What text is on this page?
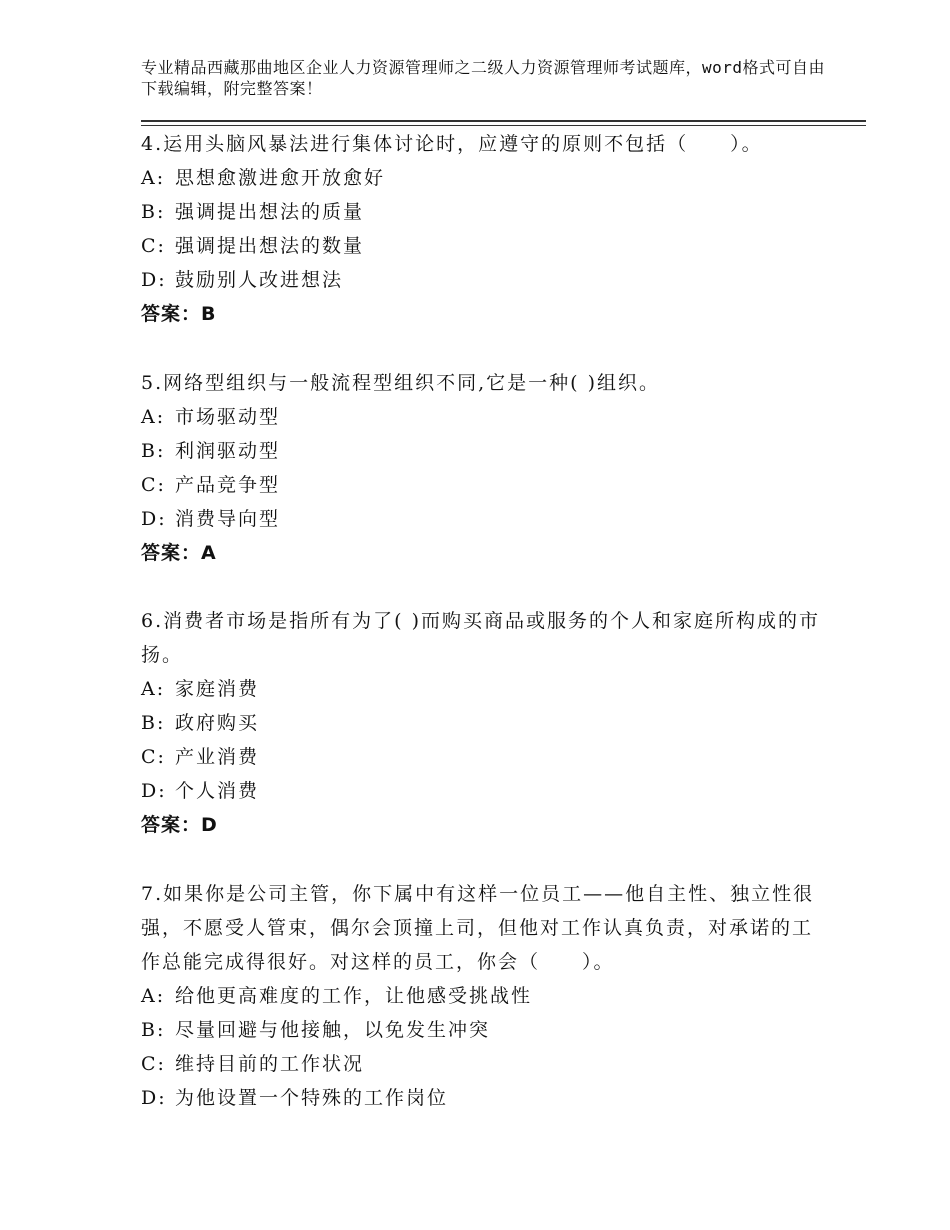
专业精品西藏那曲地区企业人力资源管理师之二级人力资源管理师考试题库，word格式可自由下载编辑，附完整答案！

4.运用头脑风暴法进行集体讨论时，应遵守的原则不包括（　　）。

A: 思想愈激进愈开放愈好
B: 强调提出想法的质量
C: 强调提出想法的数量
D: 鼓励别人改进想法
答案：B

5.网络型组织与一般流程型组织不同,它是一种( )组织。

A: 市场驱动型
B: 利润驱动型
C: 产品竞争型
D: 消费导向型
答案：A

6.消费者市场是指所有为了( )而购买商品或服务的个人和家庭所构成的市扬。

A: 家庭消费
B: 政府购买
C: 产业消费
D: 个人消费
答案：D

7.如果你是公司主管，你下属中有这样一位员工——他自主性、独立性很强，不愿受人管束，偶尔会顶撞上司，但他对工作认真负责，对承诺的工作总能完成得很好。对这样的员工，你会（　　）。

A: 给他更高难度的工作，让他感受挑战性
B: 尽量回避与他接触，以免发生冲突
C: 维持目前的工作状况
D: 为他设置一个特殊的工作岗位
